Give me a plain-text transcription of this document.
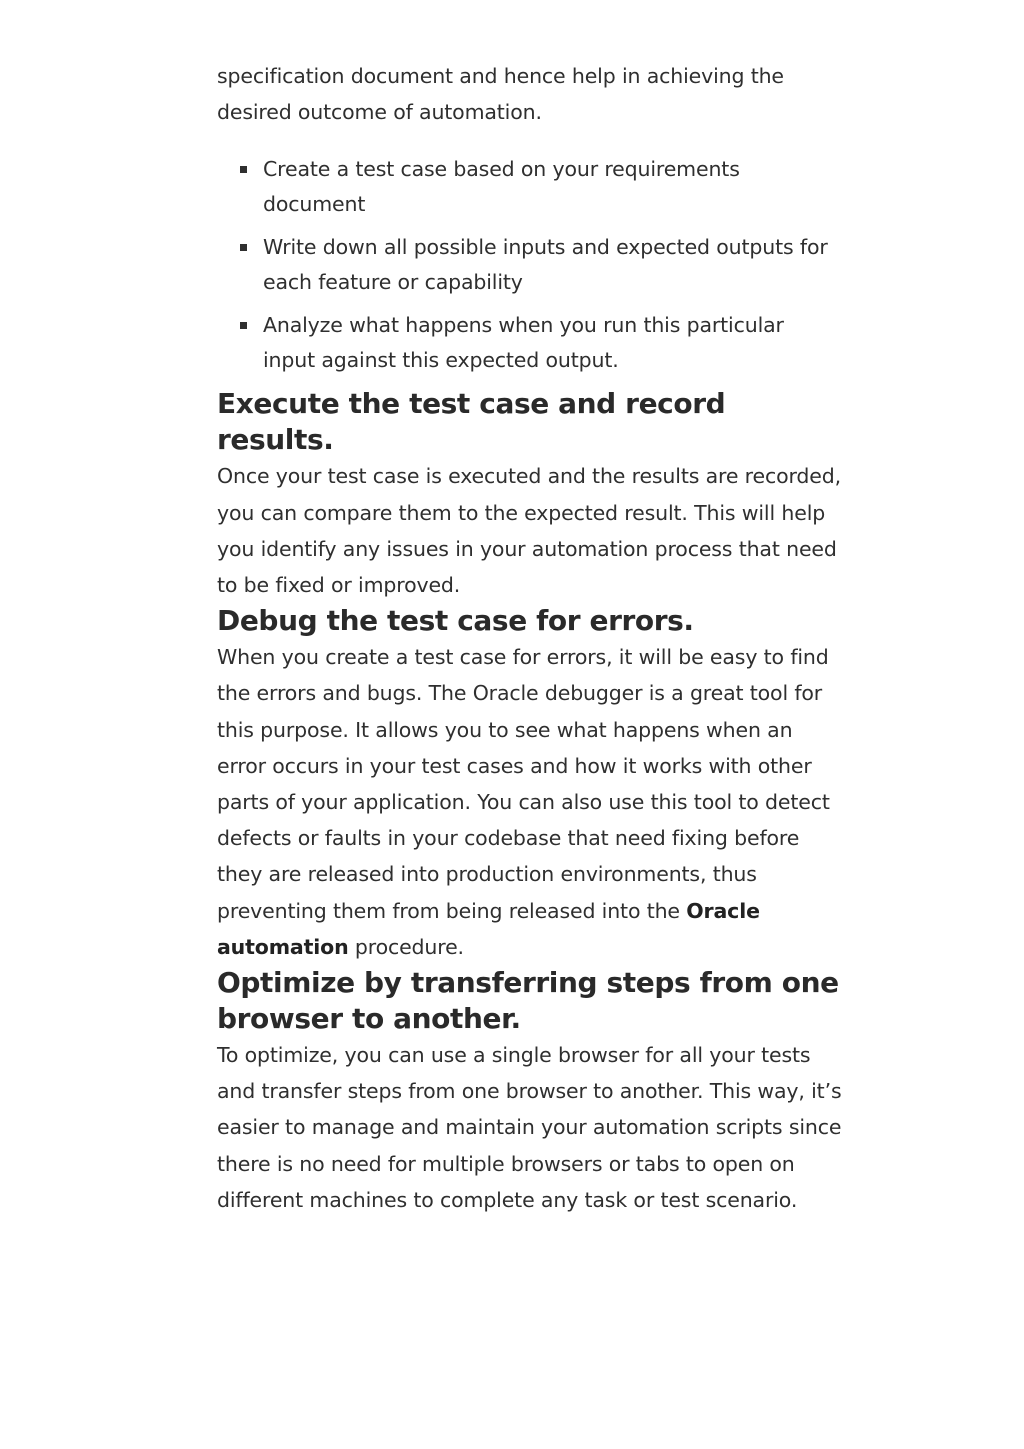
specification document and hence help in achieving the desired outcome of automation.

Create a test case based on your requirements document
Write down all possible inputs and expected outputs for each feature or capability
Analyze what happens when you run this particular input against this expected output.
Execute the test case and record results.

Once your test case is executed and the results are recorded, you can compare them to the expected result. This will help you identify any issues in your automation process that need to be fixed or improved.

Debug the test case for errors.

When you create a test case for errors, it will be easy to find the errors and bugs. The Oracle debugger is a great tool for this purpose. It allows you to see what happens when an error occurs in your test cases and how it works with other parts of your application. You can also use this tool to detect defects or faults in your codebase that need fixing before they are released into production environments, thus preventing them from being released into the Oracle automation procedure.

Optimize by transferring steps from one browser to another.

To optimize, you can use a single browser for all your tests and transfer steps from one browser to another. This way, it’s easier to manage and maintain your automation scripts since there is no need for multiple browsers or tabs to open on different machines to complete any task or test scenario.
